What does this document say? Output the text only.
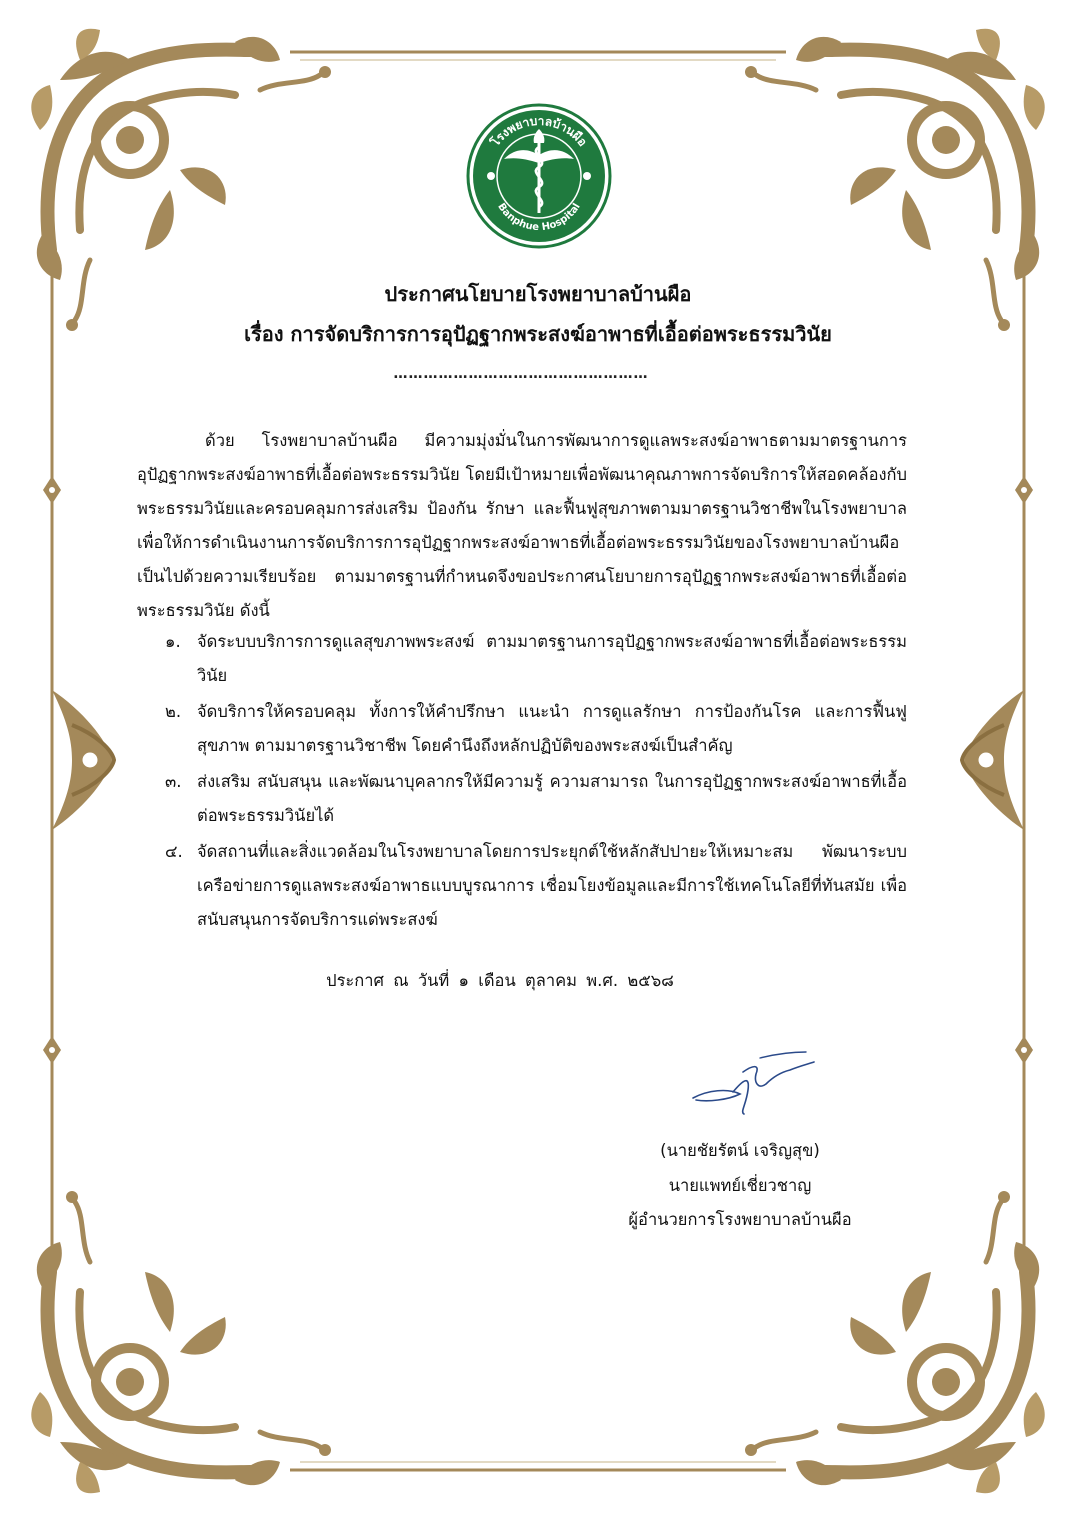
โรงพยาบาลบ้านผือ
Banphue Hospital
ประกาศนโยบายโรงพยาบาลบ้านผือ
เรื่อง การจัดบริการการอุปัฏฐากพระสงฆ์อาพาธที่เอื้อต่อพระธรรมวินัย
……………………………………………

ด้วย โรงพยาบาลบ้านผือ มีความมุ่งมั่นในการพัฒนาการดูแลพระสงฆ์อาพาธตามมาตรฐานการอุปัฏฐากพระสงฆ์อาพาธที่เอื้อต่อพระธรรมวินัย โดยมีเป้าหมายเพื่อพัฒนาคุณภาพการจัดบริการให้สอดคล้องกับพระธรรมวินัยและครอบคลุมการส่งเสริม ป้องกัน รักษา และฟื้นฟูสุขภาพตามมาตรฐานวิชาชีพในโรงพยาบาลเพื่อให้การดำเนินงานการจัดบริการการอุปัฏฐากพระสงฆ์อาพาธที่เอื้อต่อพระธรรมวินัยของโรงพยาบาลบ้านผือเป็นไปด้วยความเรียบร้อย ตามมาตรฐานที่กำหนดจึงขอประกาศนโยบายการอุปัฏฐากพระสงฆ์อาพาธที่เอื้อต่อพระธรรมวินัย ดังนี้

๑. จัดระบบบริการการดูแลสุขภาพพระสงฆ์ ตามมาตรฐานการอุปัฏฐากพระสงฆ์อาพาธที่เอื้อต่อพระธรรมวินัย
๒. จัดบริการให้ครอบคลุม ทั้งการให้คำปรึกษา แนะนำ การดูแลรักษา การป้องกันโรค และการฟื้นฟูสุขภาพ ตามมาตรฐานวิชาชีพ โดยคำนึงถึงหลักปฏิบัติของพระสงฆ์เป็นสำคัญ
๓. ส่งเสริม สนับสนุน และพัฒนาบุคลากรให้มีความรู้ ความสามารถ ในการอุปัฏฐากพระสงฆ์อาพาธที่เอื้อต่อพระธรรมวินัยได้
๔. จัดสถานที่และสิ่งแวดล้อมในโรงพยาบาลโดยการประยุกต์ใช้หลักสัปปายะให้เหมาะสม พัฒนาระบบเครือข่ายการดูแลพระสงฆ์อาพาธแบบบูรณาการ เชื่อมโยงข้อมูลและมีการใช้เทคโนโลยีที่ทันสมัย เพื่อสนับสนุนการจัดบริการแด่พระสงฆ์
ประกาศ ณ วันที่ ๑ เดือน ตุลาคม พ.ศ. ๒๕๖๘
(นายชัยรัตน์ เจริญสุข)
นายแพทย์เชี่ยวชาญ
ผู้อำนวยการโรงพยาบาลบ้านผือ
